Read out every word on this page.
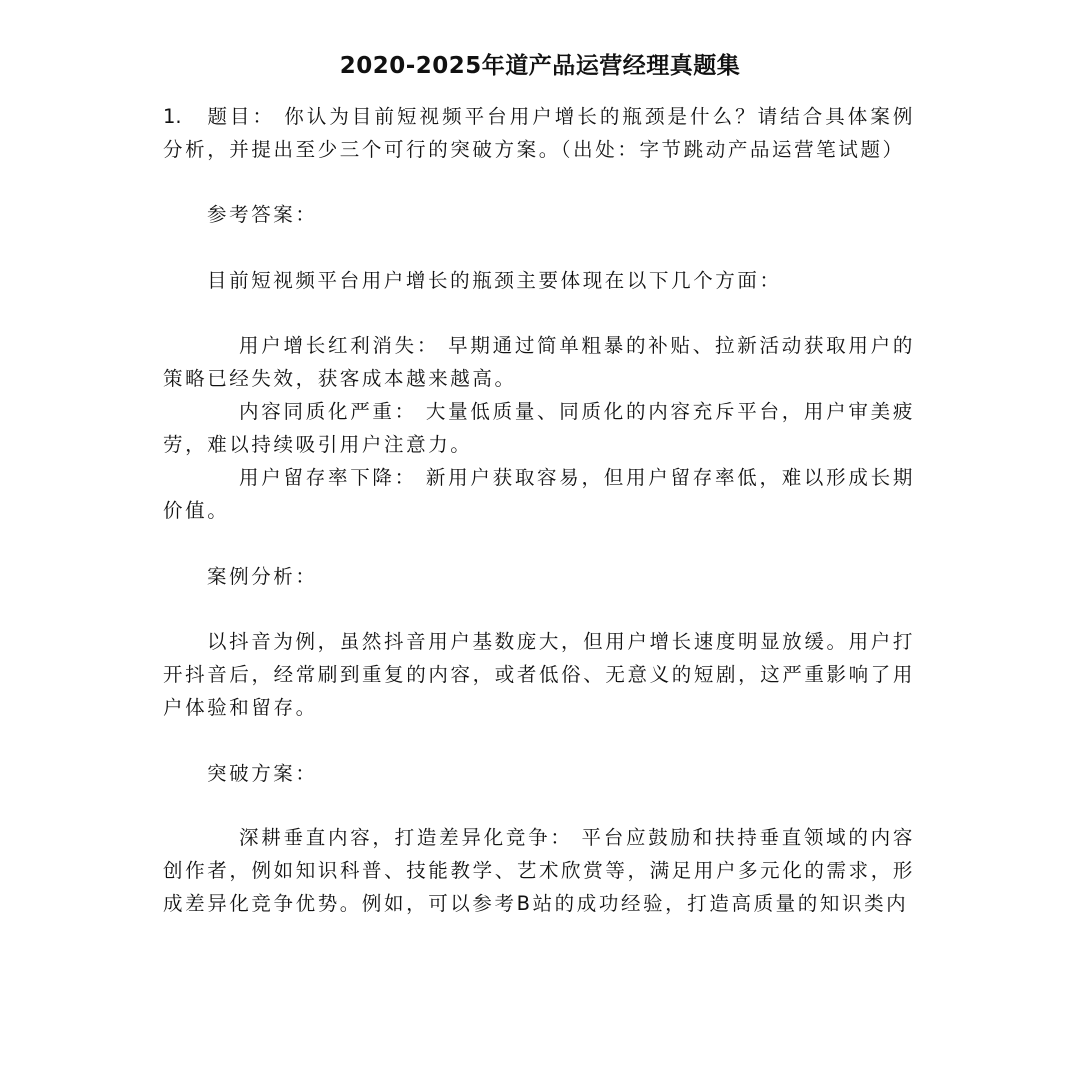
2020-2025年道产品运营经理真题集
1. 题目： 你认为目前短视频平台用户增长的瓶颈是什么？请结合具体案例分析，并提出至少三个可行的突破方案。（出处：字节跳动产品运营笔试题）
参考答案：
目前短视频平台用户增长的瓶颈主要体现在以下几个方面：
用户增长红利消失： 早期通过简单粗暴的补贴、拉新活动获取用户的策略已经失效，获客成本越来越高。
内容同质化严重： 大量低质量、同质化的内容充斥平台，用户审美疲劳，难以持续吸引用户注意力。
用户留存率下降： 新用户获取容易，但用户留存率低，难以形成长期价值。
案例分析：
以抖音为例，虽然抖音用户基数庞大，但用户增长速度明显放缓。用户打开抖音后，经常刷到重复的内容，或者低俗、无意义的短剧，这严重影响了用户体验和留存。
突破方案：
深耕垂直内容，打造差异化竞争： 平台应鼓励和扶持垂直领域的内容创作者，例如知识科普、技能教学、艺术欣赏等，满足用户多元化的需求，形成差异化竞争优势。例如，可以参考B站的成功经验，打造高质量的知识类内
